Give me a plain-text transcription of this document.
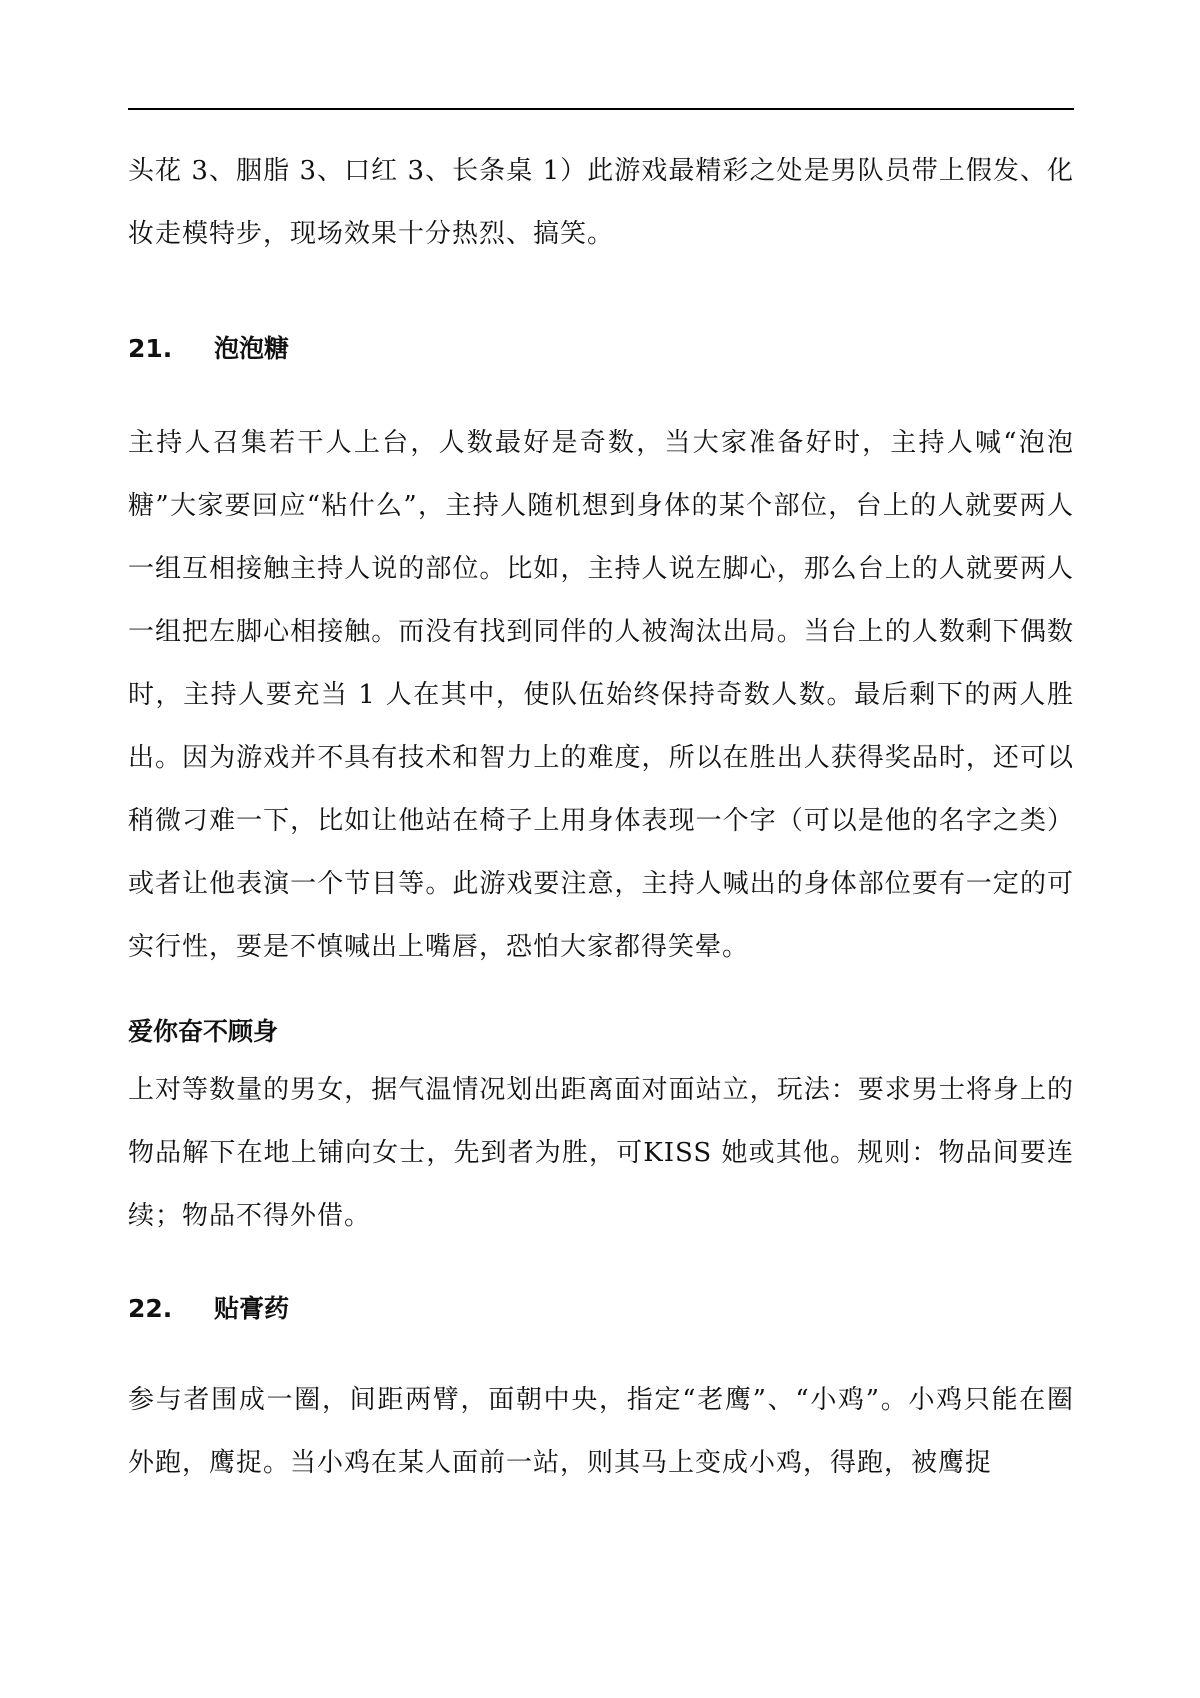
头花 3、胭脂 3、口红 3、长条桌 1）此游戏最精彩之处是男队员带上假发、化妆走模特步，现场效果十分热烈、搞笑。

21. 泡泡糖

主持人召集若干人上台，人数最好是奇数，当大家准备好时，主持人喊“泡泡糖”大家要回应“粘什么”，主持人随机想到身体的某个部位，台上的人就要两人一组互相接触主持人说的部位。比如，主持人说左脚心，那么台上的人就要两人一组把左脚心相接触。而没有找到同伴的人被淘汰出局。当台上的人数剩下偶数时，主持人要充当 1 人在其中，使队伍始终保持奇数人数。最后剩下的两人胜出。因为游戏并不具有技术和智力上的难度，所以在胜出人获得奖品时，还可以稍微刁难一下，比如让他站在椅子上用身体表现一个字（可以是他的名字之类）或者让他表演一个节目等。此游戏要注意，主持人喊出的身体部位要有一定的可实行性，要是不慎喊出上嘴唇，恐怕大家都得笑晕。

爱你奋不顾身

上对等数量的男女，据气温情况划出距离面对面站立，玩法：要求男士将身上的物品解下在地上铺向女士，先到者为胜，可KISS 她或其他。规则：物品间要连续；物品不得外借。

22. 贴膏药

参与者围成一圈，间距两臂，面朝中央，指定“老鹰”、“小鸡”。小鸡只能在圈外跑，鹰捉。当小鸡在某人面前一站，则其马上变成小鸡，得跑，被鹰捉
